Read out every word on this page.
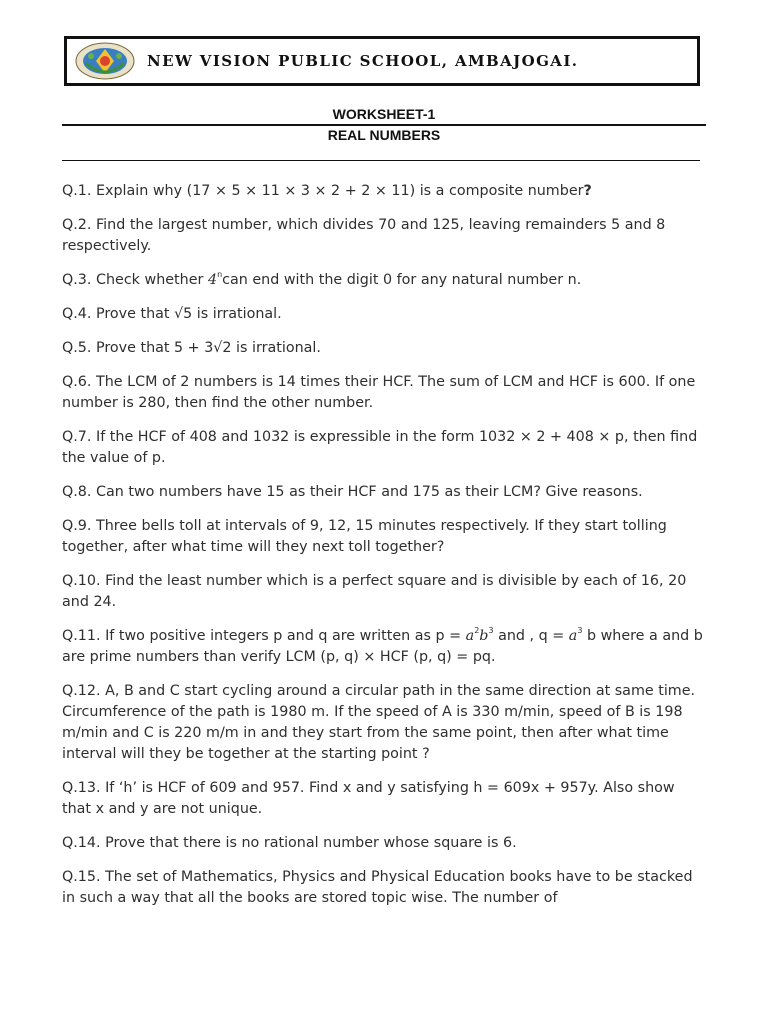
NEW VISION PUBLIC SCHOOL, AMBAJOGAI.
WORKSHEET-1
REAL NUMBERS

Q.1. Explain why (17 × 5 × 11 × 3 × 2 + 2 × 11) is a composite number?

Q.2. Find the largest number, which divides 70 and 125, leaving remainders 5 and 8 respectively.

Q.3. Check whether 4$^n$can end with the digit 0 for any natural number n.

Q.4. Prove that √5 is irrational.

Q.5. Prove that 5 + 3√2 is irrational.

Q.6. The LCM of 2 numbers is 14 times their HCF. The sum of LCM and HCF is 600. If one number is 280, then find the other number.

Q.7. If the HCF of 408 and 1032 is expressible in the form 1032 × 2 + 408 × p, then find the value of p.

Q.8. Can two numbers have 15 as their HCF and 175 as their LCM? Give reasons.

Q.9. Three bells toll at intervals of 9, 12, 15 minutes respectively. If they start tolling together, after what time will they next toll together?

Q.10. Find the least number which is a perfect square and is divisible by each of 16, 20 and 24.

Q.11. If two positive integers p and q are written as $p = a^2b^3$ and , $q = a^3$ b where a and b are prime numbers than verify LCM (p, q) × HCF (p, q) = pq.

Q.12. A, B and C start cycling around a circular path in the same direction at same time. Circumference of the path is 1980 m. If the speed of A is 330 m/min, speed of B is 198 m/min and C is 220 m/m in and they start from the same point, then after what time interval will they be together at the starting point ?

Q.13. If ‘h’ is HCF of 609 and 957. Find x and y satisfying h = 609x + 957y. Also show that x and y are not unique.

Q.14. Prove that there is no rational number whose square is 6.

Q.15. The set of Mathematics, Physics and Physical Education books have to be stacked in such a way that all the books are stored topic wise. The number of
